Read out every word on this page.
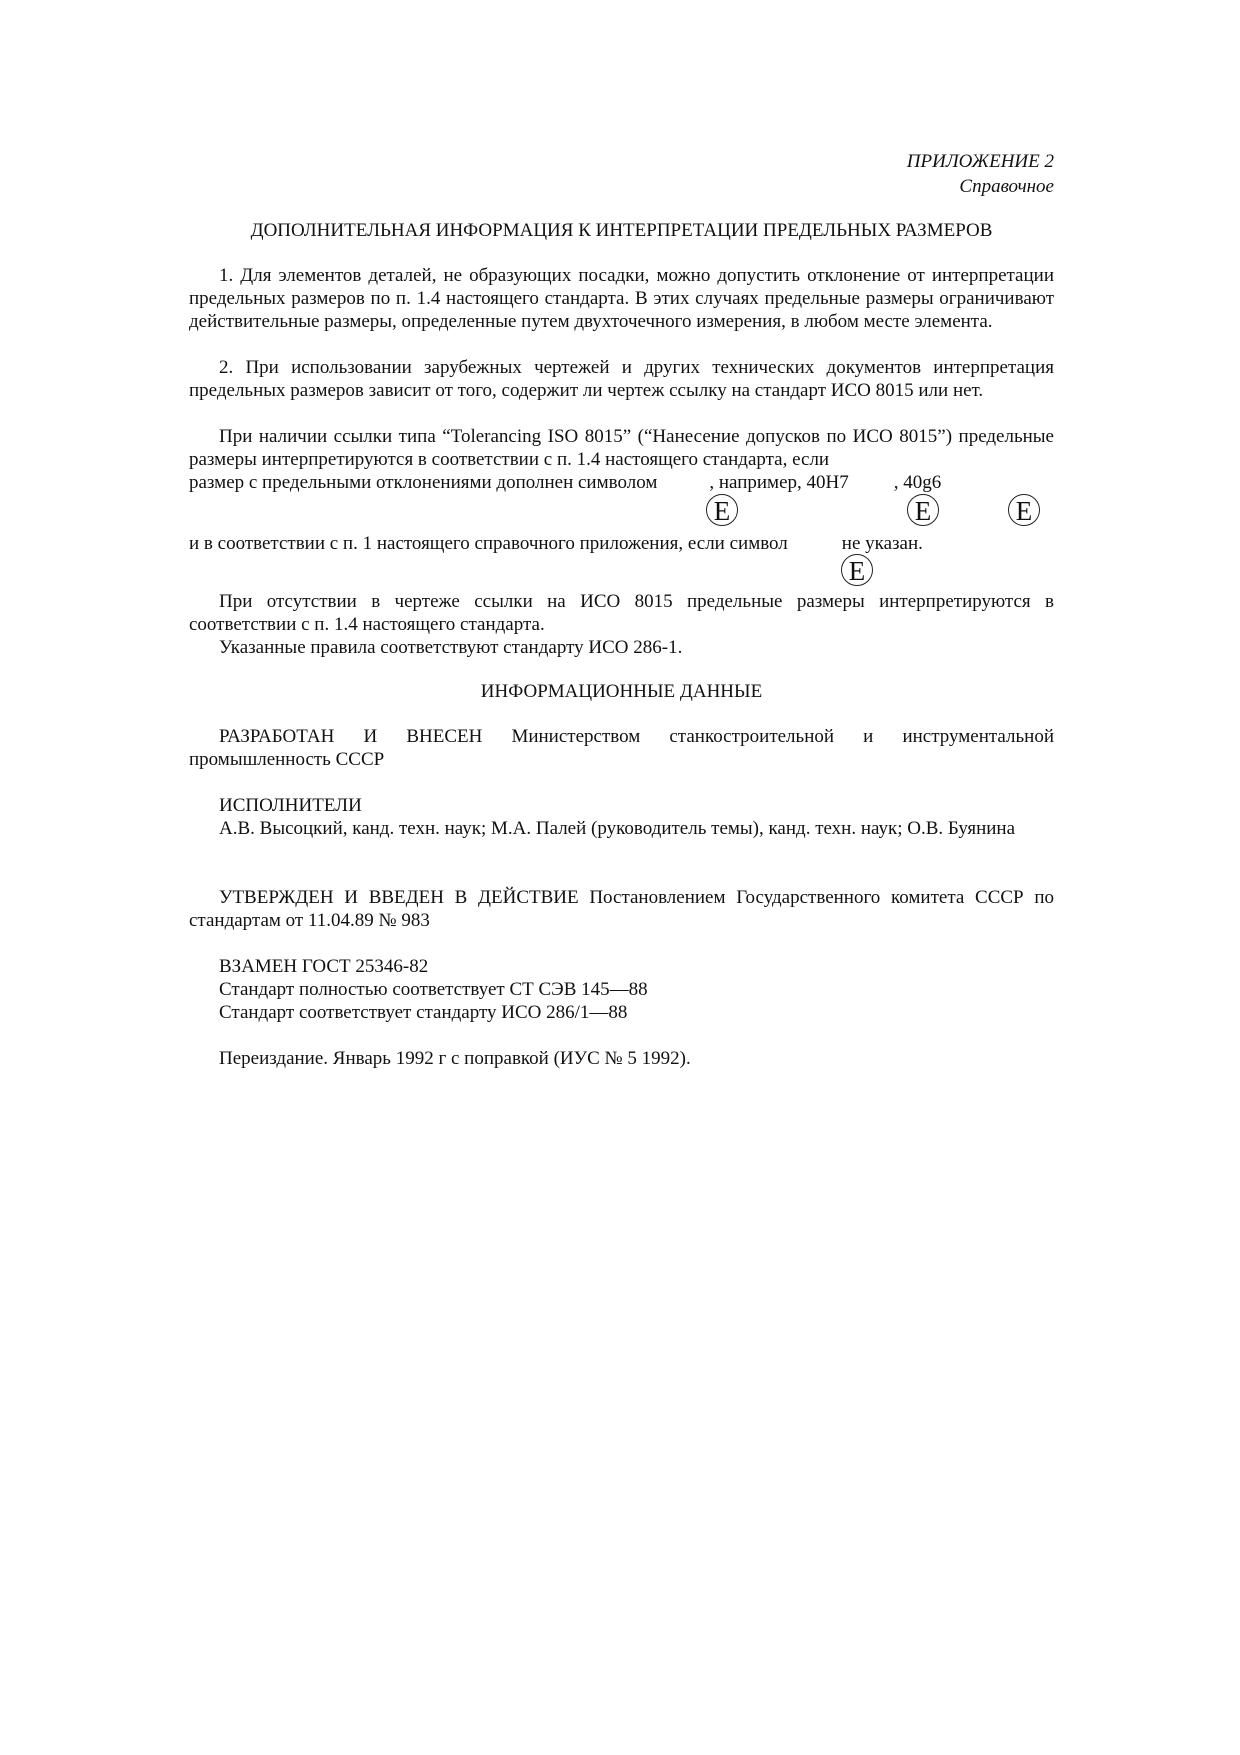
ПРИЛОЖЕНИЕ 2
Справочное
ДОПОЛНИТЕЛЬНАЯ ИНФОРМАЦИЯ К ИНТЕРПРЕТАЦИИ ПРЕДЕЛЬНЫХ РАЗМЕРОВ
1. Для элементов деталей, не образующих посадки, можно допустить отклонение от интерпретации предельных размеров по п. 1.4 настоящего стандарта. В этих случаях предельные размеры ограничивают действительные размеры, определенные путем двухточечного измерения, в любом месте элемента.
2. При использовании зарубежных чертежей и других технических документов интерпретация предельных размеров зависит от того, содержит ли чертеж ссылку на стандарт ИСО 8015 или нет.
При наличии ссылки типа “Tolerancing ISO 8015” (“Нанесение допусков по ИСО 8015”) предельные размеры интерпретируются в соответствии с п. 1.4 настоящего стандарта, если
размер с предельными отклонениями дополнен символом	, например, 40H7 , 40g6
E	E	E
и в соответствии с п. 1 настоящего справочного приложения, если символ	не указан.
E
При отсутствии в чертеже ссылки на ИСО 8015 предельные размеры интерпретируются в соответствии с п. 1.4 настоящего стандарта.
Указанные правила соответствуют стандарту ИСО 286-1.
ИНФОРМАЦИОННЫЕ ДАННЫЕ
РАЗРАБОТАН И ВНЕСЕН Министерством станкостроительной и инструментальной промышленность СССР
ИСПОЛНИТЕЛИ
А.В. Высоцкий, канд. техн. наук; М.А. Палей (руководитель темы), канд. техн. наук; О.В. Буянина
УТВЕРЖДЕН И ВВЕДЕН В ДЕЙСТВИЕ Постановлением Государственного комитета СССР по стандартам от 11.04.89 № 983
ВЗАМЕН ГОСТ 25346-82
Стандарт полностью соответствует СТ СЭВ 145—88
Стандарт соответствует стандарту ИСО 286/1—88
Переиздание. Январь 1992 г с поправкой (ИУС № 5 1992).
